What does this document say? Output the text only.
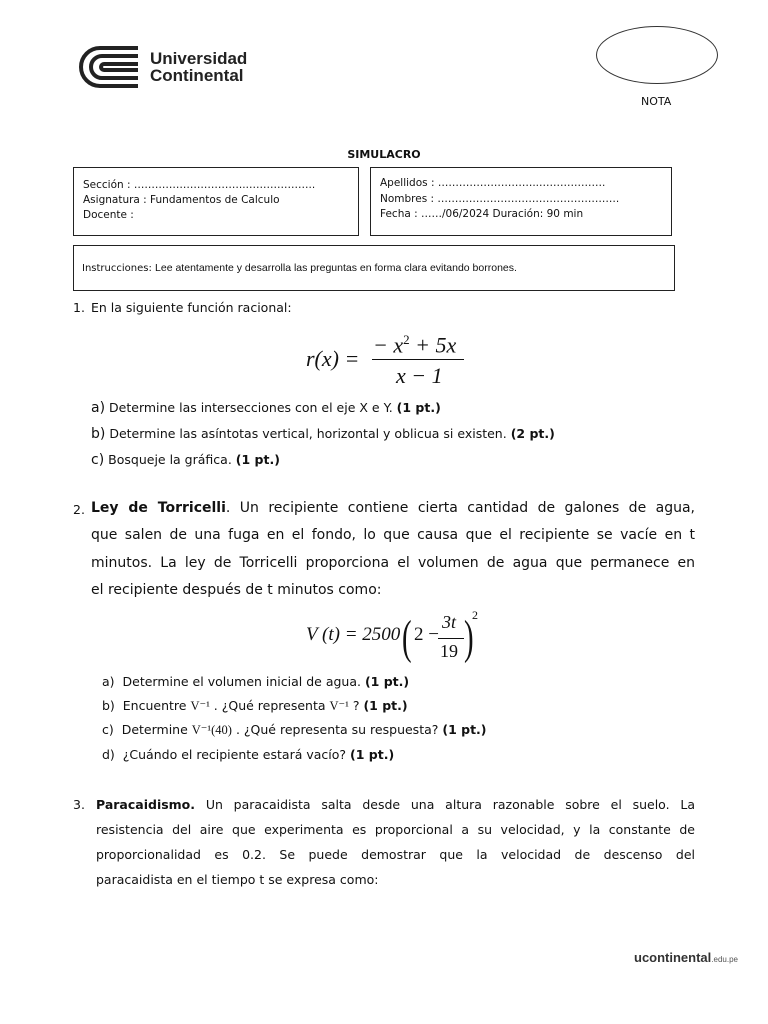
Universidad
Continental
NOTA
SIMULACRO
Sección : …………………………..………………..
Asignatura : Fundamentos de Calculo
Docente :
Apellidos : ………………………..……………….
Nombres : …………………………………………….
Fecha : ……/06/2024 Duración: 90 min
Instrucciones: Lee atentamente y desarrolla las preguntas en forma clara evitando borrones.
1. En la siguiente función racional:
r(x) =
− $x^2 + 5x$
x − 1
a) Determine las intersecciones con el eje X e Y. (1 pt.)
b) Determine las asíntotas vertical, horizontal y oblicua si existen. (2 pt.)
c) Bosqueje la gráfica. (1 pt.)
2. Ley de Torricelli. Un recipiente contiene cierta cantidad de galones de agua,
que salen de una fuga en el fondo, lo que causa que el recipiente se vacíe en t
minutos. La ley de Torricelli proporciona el volumen de agua que permanece en
el recipiente después de t minutos como:
V (t) = 2500 ( 2 −
3t
19 )
2
a) Determine el volumen inicial de agua. (1 pt.)
b) Encuentre V⁻¹ . ¿Qué representa V⁻¹ ? (1 pt.)
c) Determine V⁻¹(40) . ¿Qué representa su respuesta? (1 pt.)
d) ¿Cuándo el recipiente estará vacío? (1 pt.)
3. Paracaidismo. Un paracaidista salta desde una altura razonable sobre el suelo. La
resistencia del aire que experimenta es proporcional a su velocidad, y la constante de
proporcionalidad es 0.2. Se puede demostrar que la velocidad de descenso del
paracaidista en el tiempo t se expresa como:
ucontinental.edu.pe
